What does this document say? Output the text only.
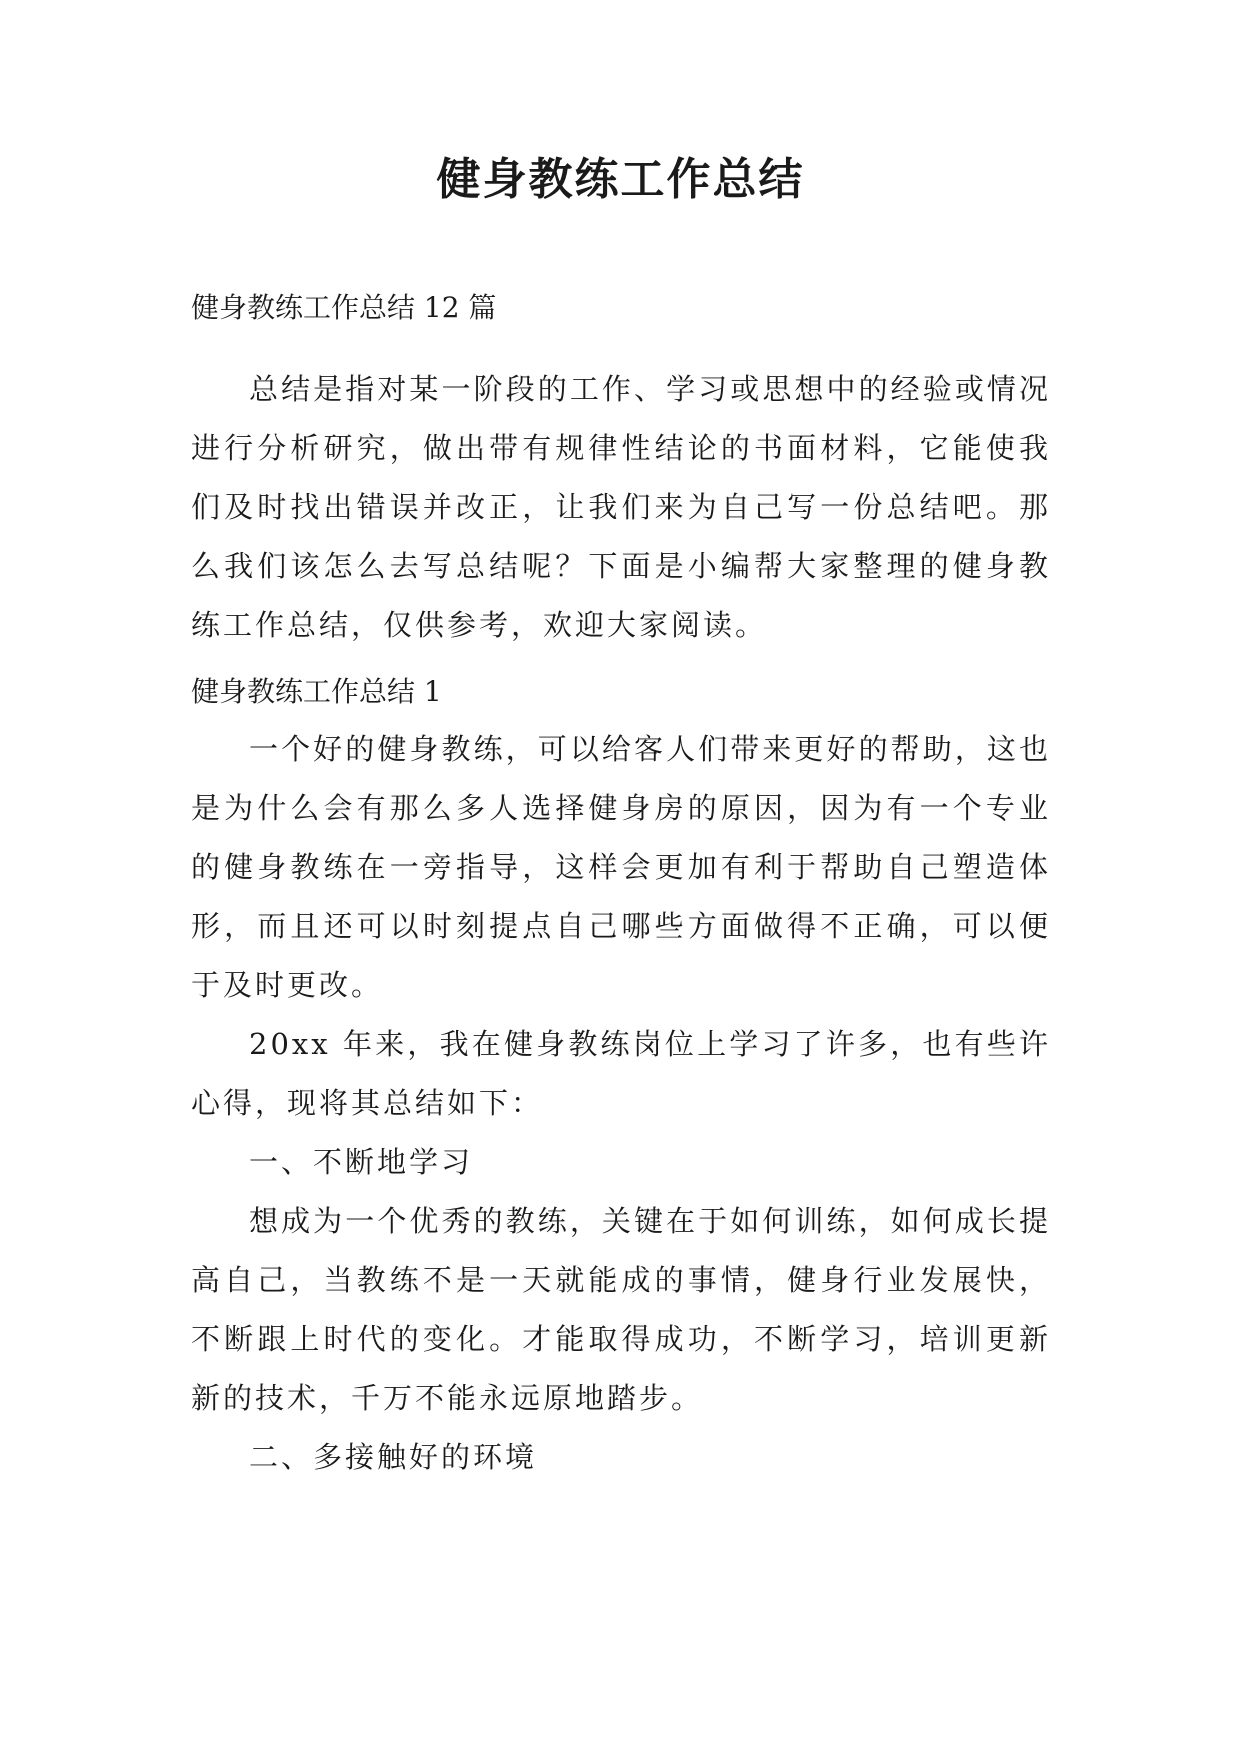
健身教练工作总结
健身教练工作总结 12 篇

总结是指对某一阶段的工作、学习或思想中的经验或情况进行分析研究，做出带有规律性结论的书面材料，它能使我们及时找出错误并改正，让我们来为自己写一份总结吧。那么我们该怎么去写总结呢？下面是小编帮大家整理的健身教练工作总结，仅供参考，欢迎大家阅读。

健身教练工作总结 1

一个好的健身教练，可以给客人们带来更好的帮助，这也是为什么会有那么多人选择健身房的原因，因为有一个专业的健身教练在一旁指导，这样会更加有利于帮助自己塑造体形，而且还可以时刻提点自己哪些方面做得不正确，可以便于及时更改。

20xx 年来，我在健身教练岗位上学习了许多，也有些许心得，现将其总结如下：

一、不断地学习

想成为一个优秀的教练，关键在于如何训练，如何成长提高自己，当教练不是一天就能成的事情，健身行业发展快，不断跟上时代的变化。才能取得成功，不断学习，培训更新新的技术，千万不能永远原地踏步。

二、多接触好的环境
